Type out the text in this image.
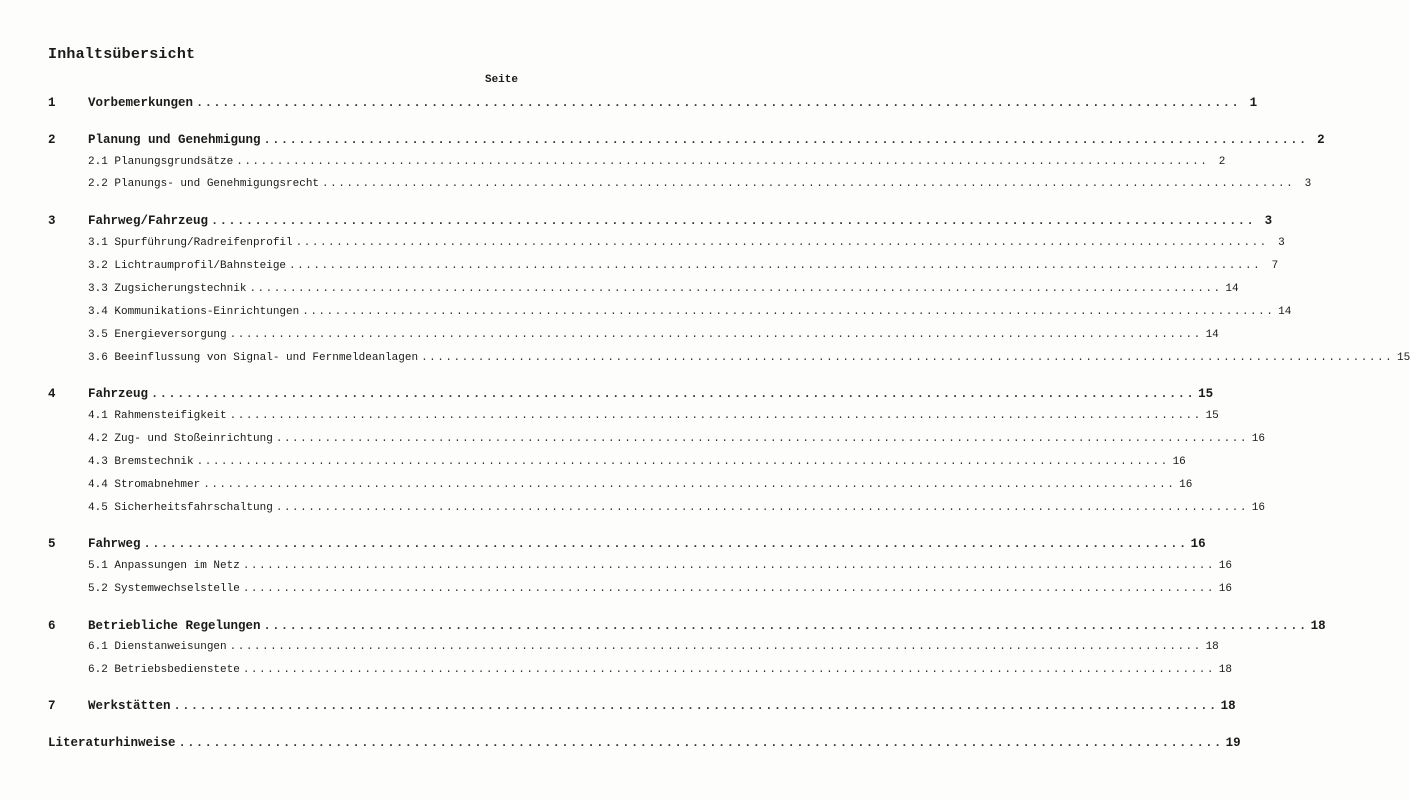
Inhaltsübersicht
Seite
1	Vorbemerkungen ........................................................................................................................ 1
2	Planung und Genehmigung ........................................................................................................................ 2
2.1 Planungsgrundsätze ........................................................................................................................ 2
2.2 Planungs- und Genehmigungsrecht ........................................................................................................................ 3
3	Fahrweg/Fahrzeug ........................................................................................................................ 3
3.1 Spurführung/Radreifenprofil ........................................................................................................................ 3
3.2 Lichtraumprofil/Bahnsteige ........................................................................................................................ 7
3.3 Zugsicherungstechnik ........................................................................................................................ 14
3.4 Kommunikations-Einrichtungen ........................................................................................................................ 14
3.5 Energieversorgung ........................................................................................................................ 14
3.6 Beeinflussung von Signal- und Fernmeldeanlagen ........................................................................................................................ 15
4	Fahrzeug ........................................................................................................................ 15
4.1 Rahmensteifigkeit ........................................................................................................................ 15
4.2 Zug- und Stoßeinrichtung ........................................................................................................................ 16
4.3 Bremstechnik ........................................................................................................................ 16
4.4 Stromabnehmer ........................................................................................................................ 16
4.5 Sicherheitsfahrschaltung ........................................................................................................................ 16
5	Fahrweg ........................................................................................................................ 16
5.1 Anpassungen im Netz ........................................................................................................................ 16
5.2 Systemwechselstelle ........................................................................................................................ 16
6	Betriebliche Regelungen ........................................................................................................................ 18
6.1 Dienstanweisungen ........................................................................................................................ 18
6.2 Betriebsbedienstete ........................................................................................................................ 18
7	Werkstätten ........................................................................................................................ 18
Literaturhinweise ........................................................................................................................ 19
